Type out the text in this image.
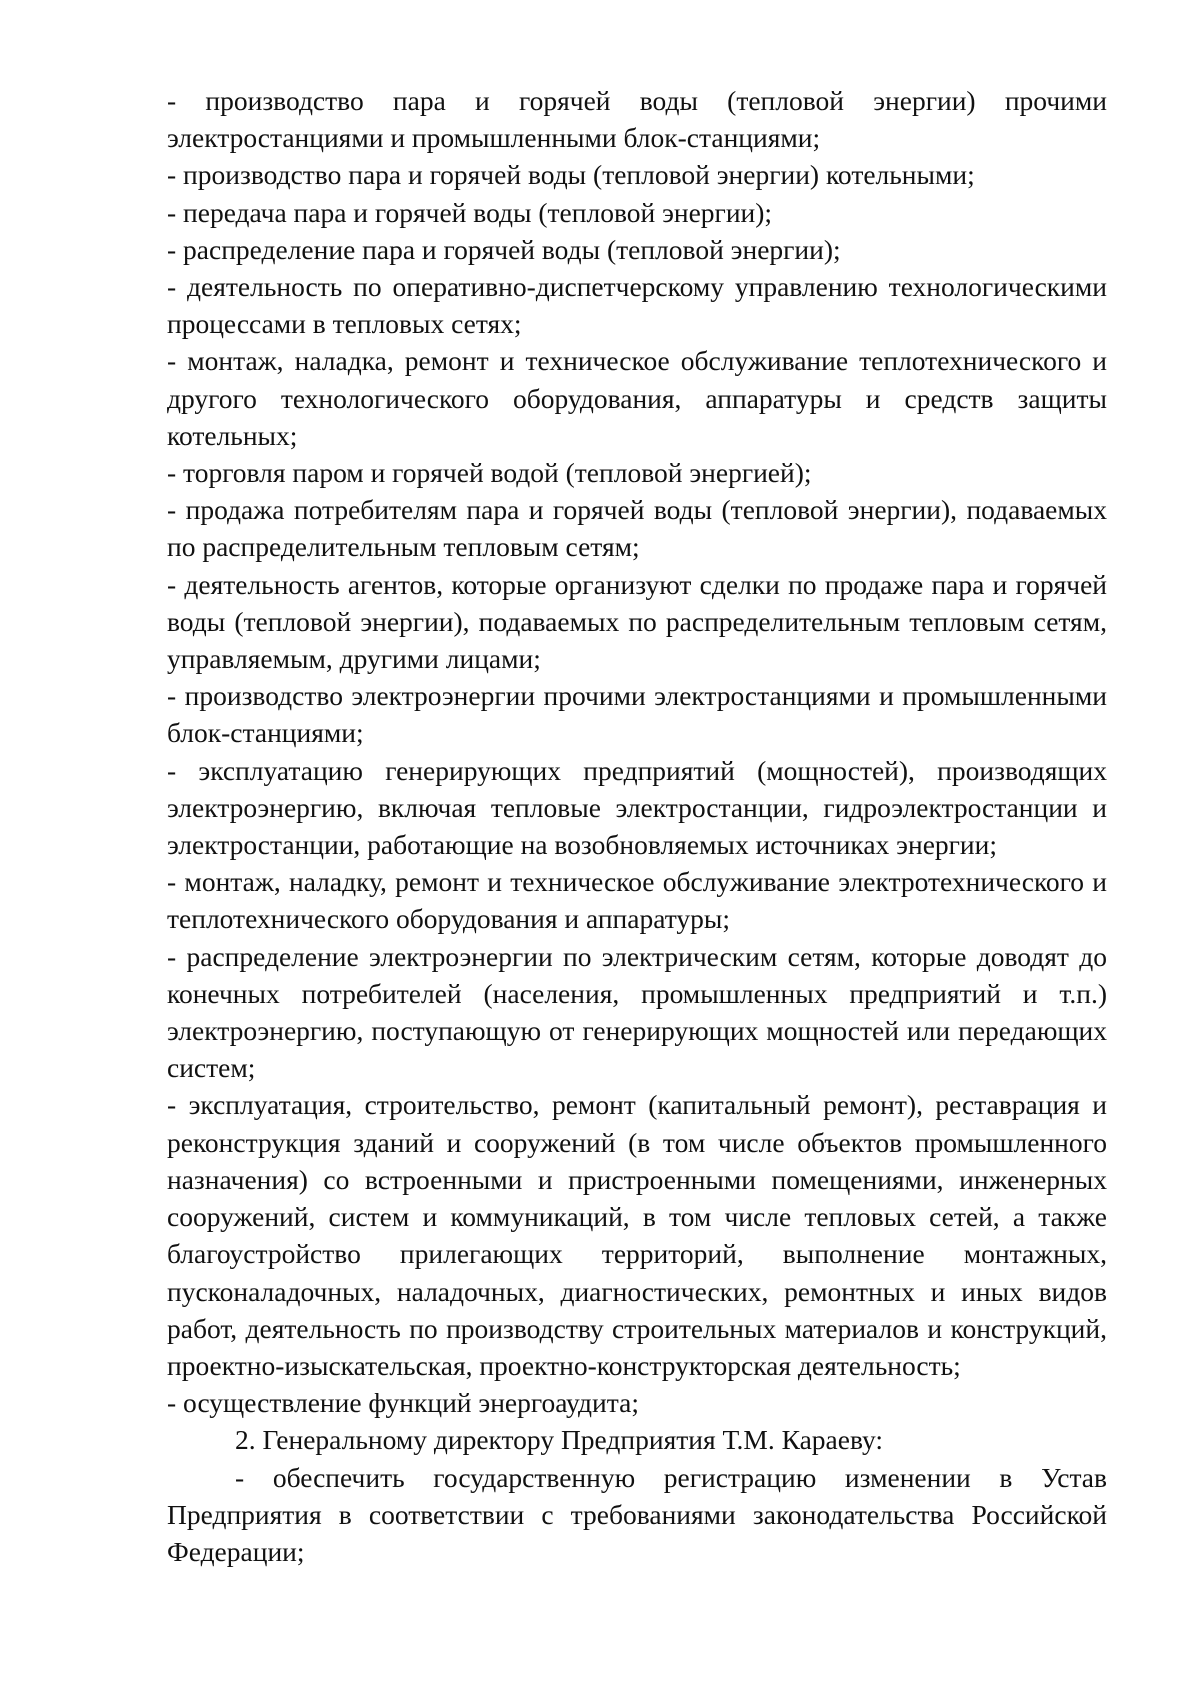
- производство пара и горячей воды (тепловой энергии) прочими электростанциями и промышленными блок-станциями;

- производство пара и горячей воды (тепловой энергии) котельными;

- передача пара и горячей воды (тепловой энергии);

- распределение пара и горячей воды (тепловой энергии);

- деятельность по оперативно-диспетчерскому управлению технологическими процессами в тепловых сетях;

- монтаж, наладка, ремонт и техническое обслуживание теплотехнического и другого технологического оборудования, аппаратуры и средств защиты котельных;

- торговля паром и горячей водой (тепловой энергией);

- продажа потребителям пара и горячей воды (тепловой энергии), подаваемых по распределительным тепловым сетям;

- деятельность агентов, которые организуют сделки по продаже пара и горячей воды (тепловой энергии), подаваемых по распределительным тепловым сетям, управляемым, другими лицами;

- производство электроэнергии прочими электростанциями и промышленными блок-станциями;

- эксплуатацию генерирующих предприятий (мощностей), производящих электроэнергию, включая тепловые электростанции, гидроэлектростанции и электростанции, работающие на возобновляемых источниках энергии;

- монтаж, наладку, ремонт и техническое обслуживание электротехнического и теплотехнического оборудования и аппаратуры;

- распределение электроэнергии по электрическим сетям, которые доводят до конечных потребителей (населения, промышленных предприятий и т.п.) электроэнергию, поступающую от генерирующих мощностей или передающих систем;

- эксплуатация, строительство, ремонт (капитальный ремонт), реставрация и реконструкция зданий и сооружений (в том числе объектов промышленного назначения) со встроенными и пристроенными помещениями, инженерных сооружений, систем и коммуникаций, в том числе тепловых сетей, а также благоустройство прилегающих территорий, выполнение монтажных, пусконаладочных, наладочных, диагностических, ремонтных и иных видов работ, деятельность по производству строительных материалов и конструкций, проектно-изыскательская, проектно-конструкторская деятельность;

- осуществление функций энергоаудита;

2. Генеральному директору Предприятия Т.М. Караеву:

- обеспечить государственную регистрацию изменении в Устав Предприятия в соответствии с требованиями законодательства Российской Федерации;
